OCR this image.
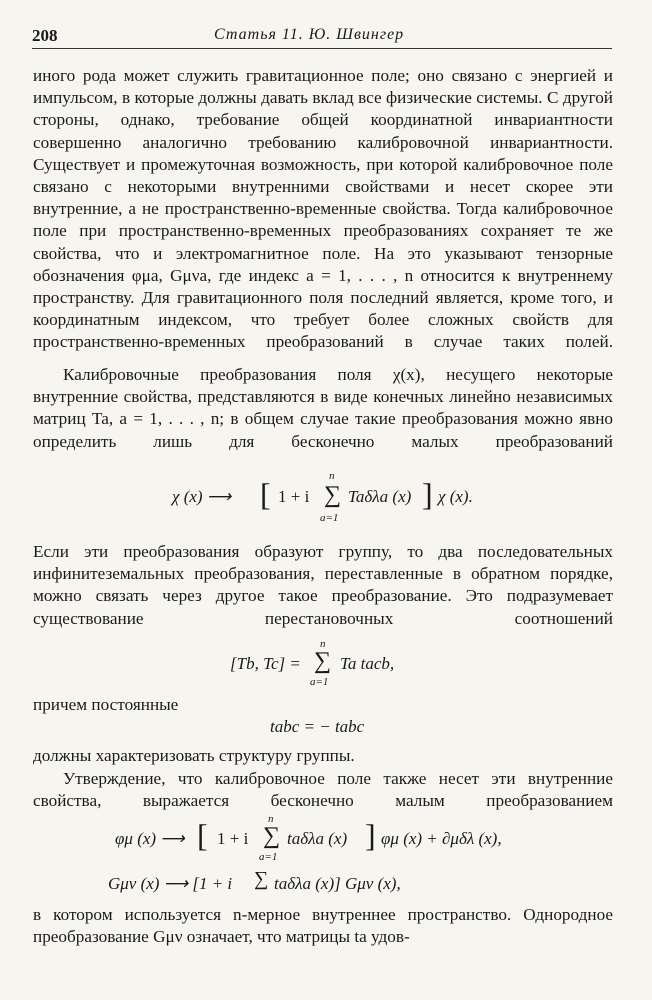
208	Статья 11. Ю. Швингер

иного рода может служить гравитационное поле; оно связано с энергией и импульсом, в которые должны давать вклад все физические системы. С другой стороны, однако, требование общей координатной инвариантности совершенно аналогично требованию калибровочной инвариантности. Существует и промежуточная возможность, при которой калибровочное поле связано с некоторыми внутренними свойствами и несет скорее эти внутренние, а не пространственно-временные свойства. Тогда калибровочное поле при пространственно-временных преобразованиях сохраняет те же свойства, что и электромагнитное поле. На это указывают тензорные обозначения φμa, Gμνa, где индекс a = 1, . . . , n относится к внутреннему пространству. Для гравитационного поля последний является, кроме того, и координатным индексом, что требует более сложных свойств для пространственно-временных преобразований в случае таких полей.

Калибровочные преобразования поля χ(x), несущего некоторые внутренние свойства, представляются в виде конечных линейно независимых матриц Ta, a = 1, . . . , n; в общем случае такие преобразования можно явно определить лишь для бесконечно малых преобразований

χ (x) ⟶ [ 1 + i ∑
n
a=1
Taδλa (x) ] χ (x).

Если эти преобразования образуют группу, то два последовательных инфинитеземальных преобразования, переставленные в обратном порядке, можно связать через другое такое преобразование. Это подразумевает существование перестановочных соотношений

[Tb, Tc] = ∑
n
a=1
Ta tacb,

причем постоянные

tabc = − tabc

должны характеризовать структуру группы.

Утверждение, что калибровочное поле также несет эти внутренние свойства, выражается бесконечно малым преобразованием

φμ (x) ⟶ [ 1 + i ∑
n
a=1
taδλa (x) ] φμ (x) + ∂μδλ (x),
Gμν (x) ⟶ [1 + i ∑ taδλa (x)] Gμν (x),

в котором используется n-мерное внутреннее пространство. Однородное преобразование Gμν означает, что матрицы ta удов-
